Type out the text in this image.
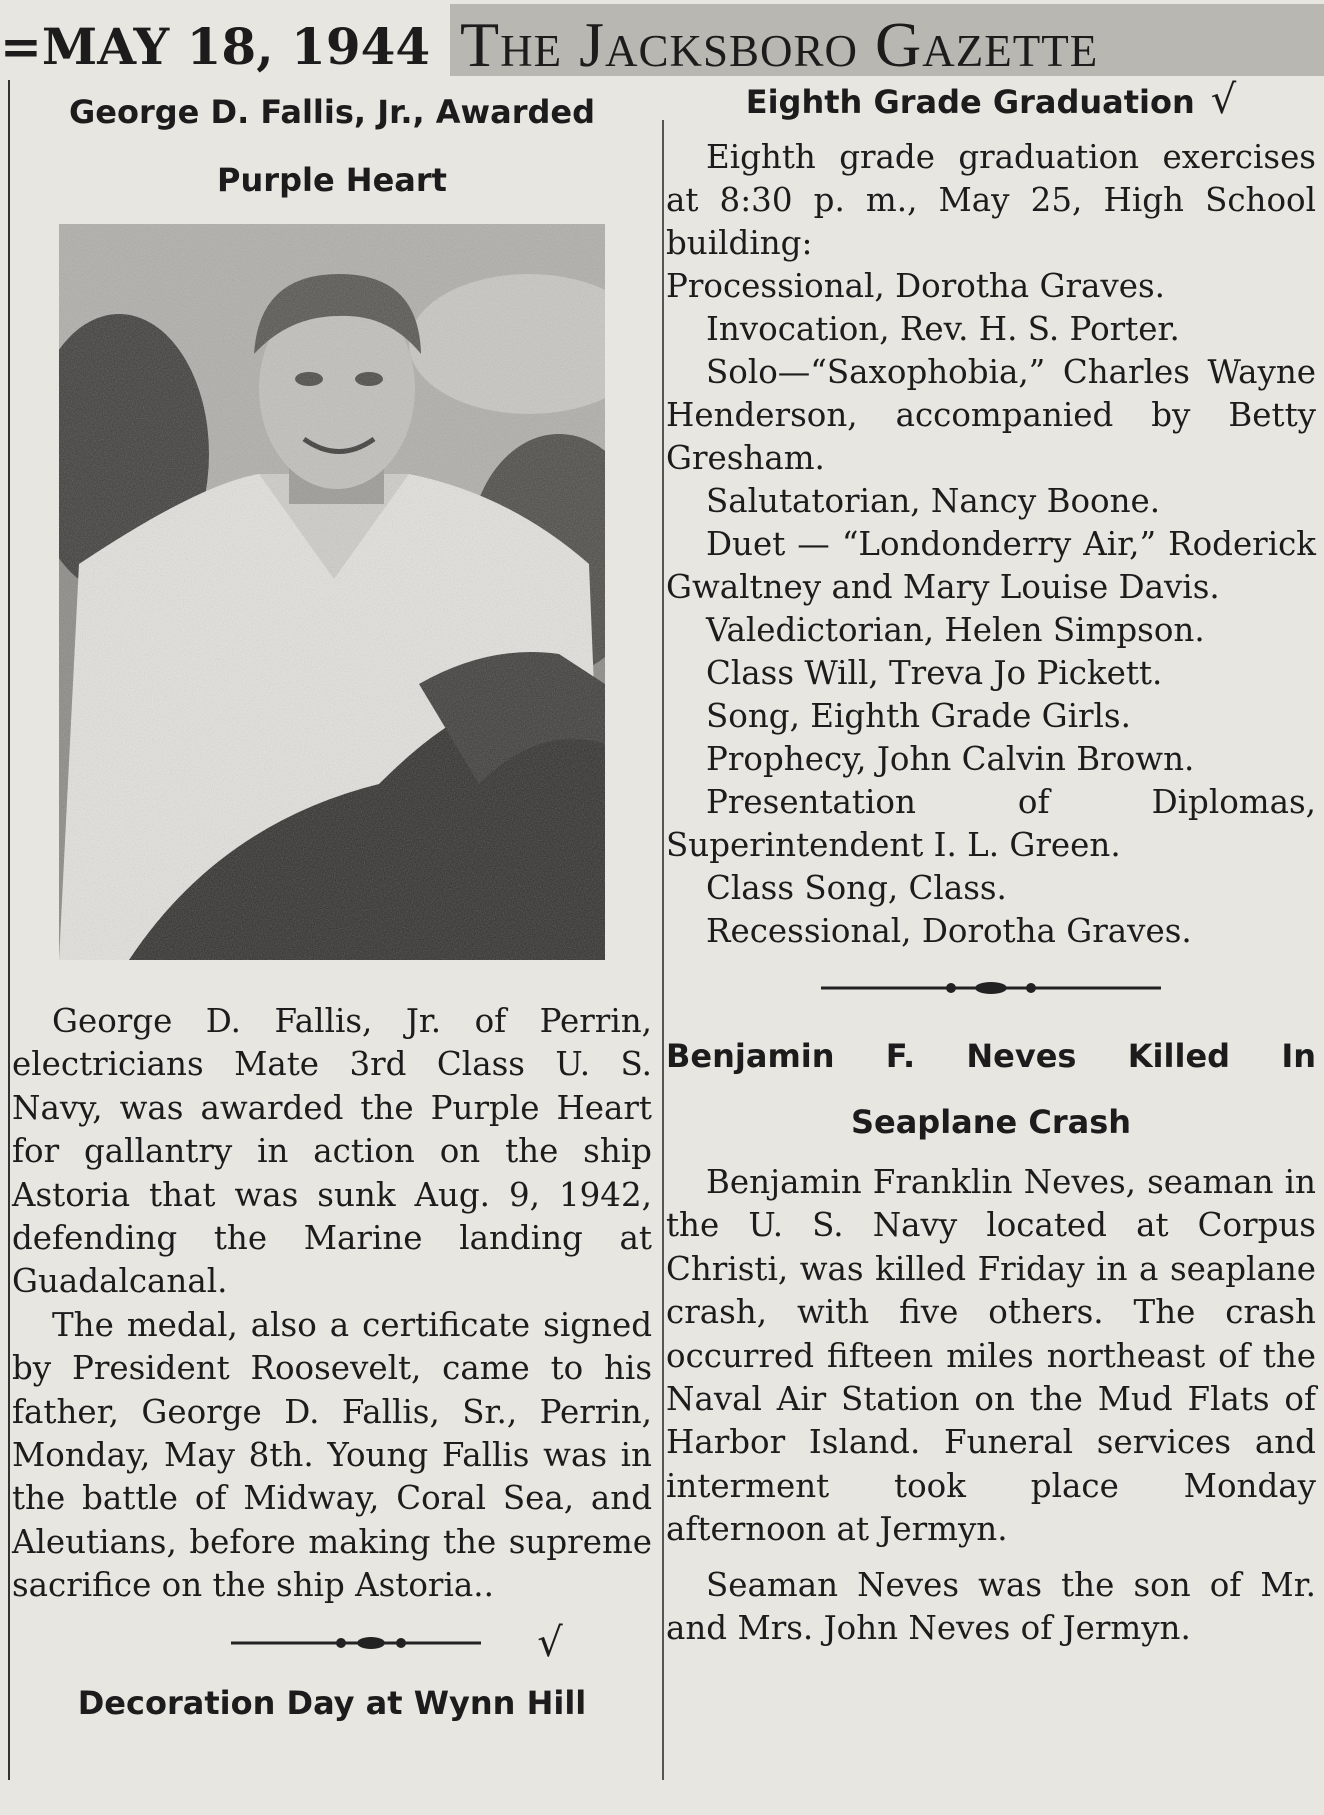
=MAY 18, 1944 The Jacksboro Gazette
George D. Fallis, Jr., Awarded
Purple Heart

George D. Fallis, Jr. of Perrin, electricians Mate 3rd Class U. S. Navy, was awarded the Purple Heart for gallantry in action on the ship Astoria that was sunk Aug. 9, 1942, defending the Marine landing at Guadalcanal.

The medal, also a certificate signed by President Roosevelt, came to his father, George D. Fallis, Sr., Perrin, Monday, May 8th. Young Fallis was in the battle of Midway, Coral Sea, and Aleutians, before making the supreme sacrifice on the ship Astoria..

√
Decoration Day at Wynn Hill
Eighth Grade Graduation √

Eighth grade graduation exercises at 8:30 p. m., May 25, High School building:

Processional, Dorotha Graves.

Invocation, Rev. H. S. Porter.

Solo—“Saxophobia,” Charles Wayne Henderson, accompanied by Betty Gresham.

Salutatorian, Nancy Boone.

Duet — “Londonderry Air,” Roderick Gwaltney and Mary Louise Davis.

Valedictorian, Helen Simpson.

Class Will, Treva Jo Pickett.

Song, Eighth Grade Girls.

Prophecy, John Calvin Brown.

Presentation of Diplomas, Superintendent I. L. Green.

Class Song, Class.

Recessional, Dorotha Graves.

Benjamin F. Neves Killed In
Seaplane Crash

Benjamin Franklin Neves, seaman in the U. S. Navy located at Corpus Christi, was killed Friday in a seaplane crash, with five others. The crash occurred fifteen miles northeast of the Naval Air Station on the Mud Flats of Harbor Island. Funeral services and interment took place Monday afternoon at Jermyn.

Seaman Neves was the son of Mr. and Mrs. John Neves of Jermyn.
